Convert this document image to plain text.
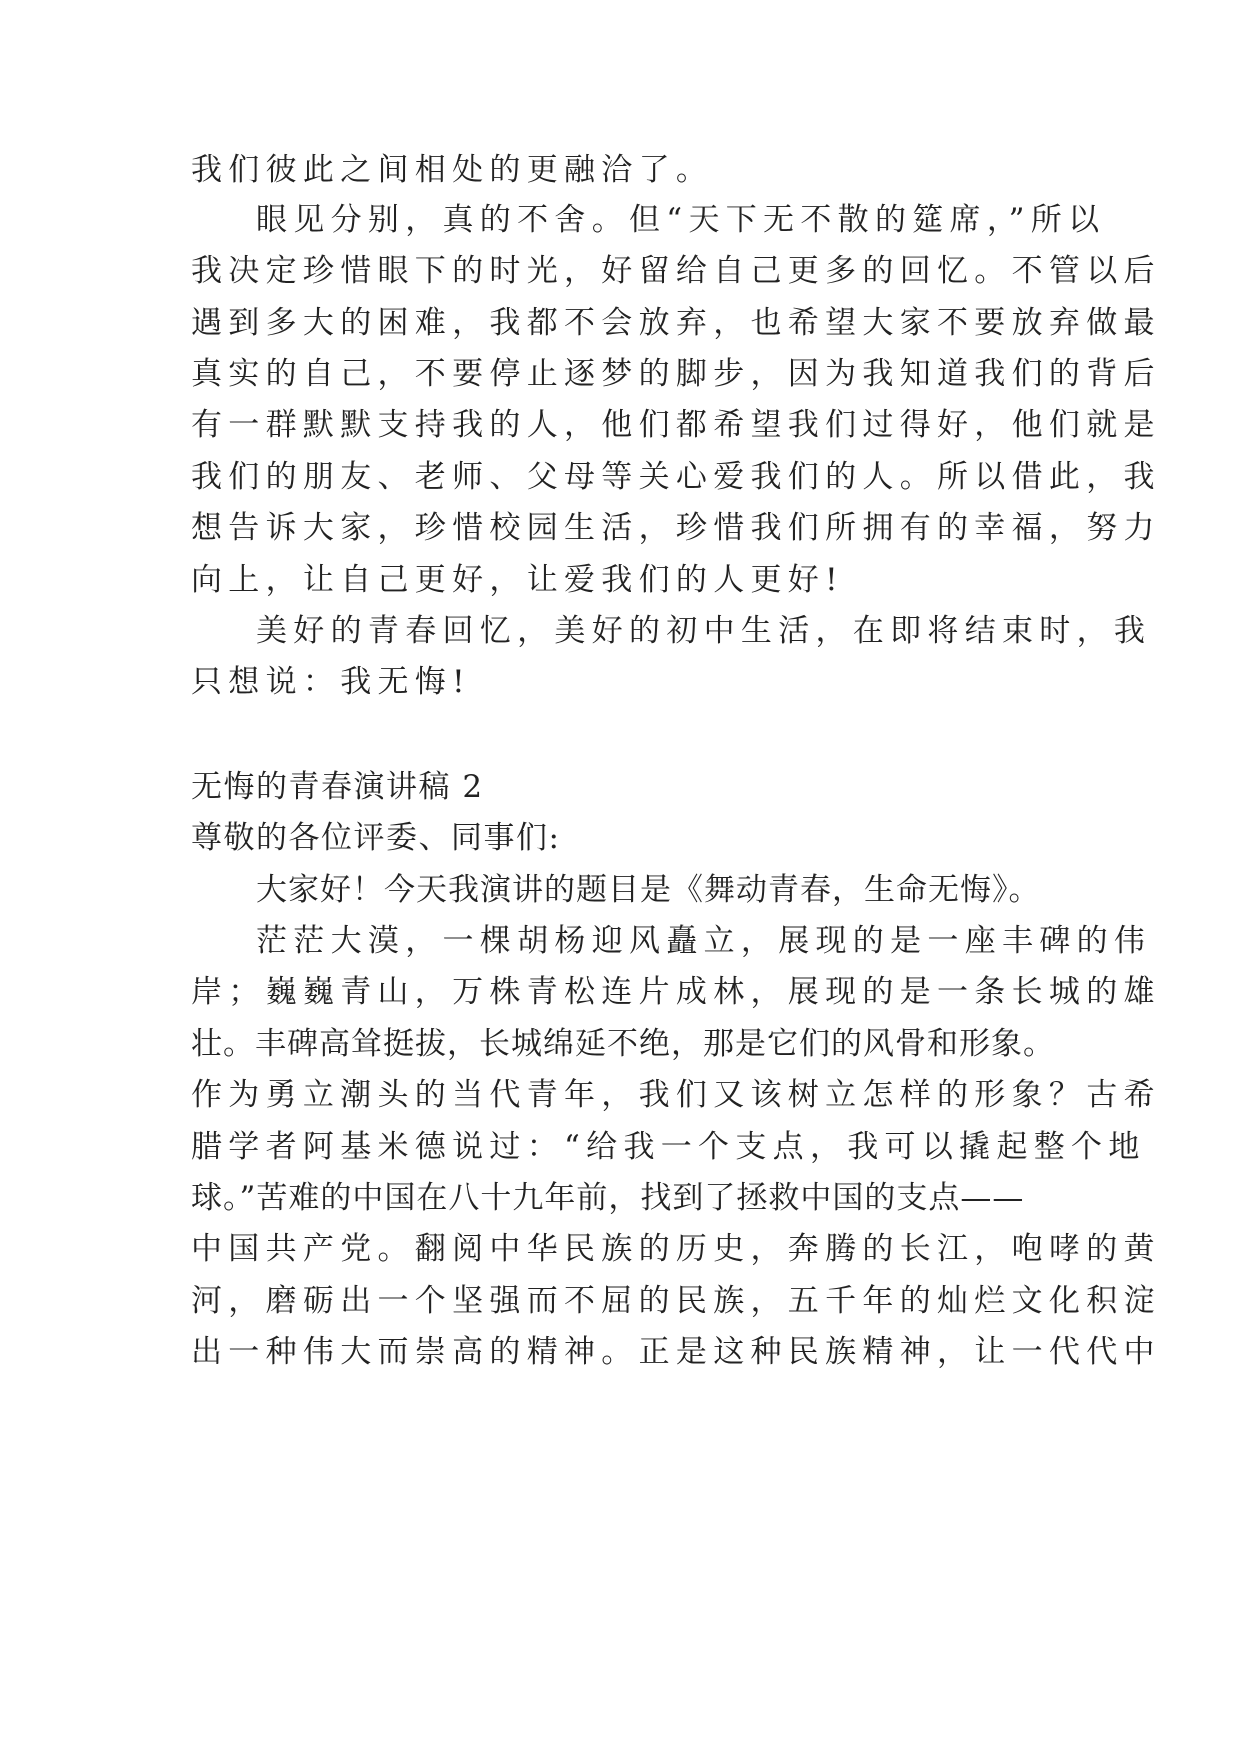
我们彼此之间相处的更融洽了。
眼见分别，真的不舍。但“天下无不散的筵席，”所以
我决定珍惜眼下的时光，好留给自己更多的回忆。不管以后
遇到多大的困难，我都不会放弃，也希望大家不要放弃做最
真实的自己，不要停止逐梦的脚步，因为我知道我们的背后
有一群默默支持我的人，他们都希望我们过得好，他们就是
我们的朋友、老师、父母等关心爱我们的人。所以借此，我
想告诉大家，珍惜校园生活，珍惜我们所拥有的幸福，努力
向上，让自己更好，让爱我们的人更好!
美好的青春回忆，美好的初中生活，在即将结束时，我
只想说：我无悔!
无悔的青春演讲稿 2
尊敬的各位评委、同事们:
大家好！今天我演讲的题目是《舞动青春，生命无悔》。
茫茫大漠，一棵胡杨迎风矗立，展现的是一座丰碑的伟
岸；巍巍青山，万株青松连片成林，展现的是一条长城的雄
壮。丰碑高耸挺拔，长城绵延不绝，那是它们的风骨和形象。
作为勇立潮头的当代青年，我们又该树立怎样的形象？古希
腊学者阿基米德说过：“给我一个支点，我可以撬起整个地
球。”苦难的中国在八十九年前，找到了拯救中国的支点——
中国共产党。翻阅中华民族的历史，奔腾的长江，咆哮的黄
河，磨砺出一个坚强而不屈的民族，五千年的灿烂文化积淀
出一种伟大而崇高的精神。正是这种民族精神，让一代代中
